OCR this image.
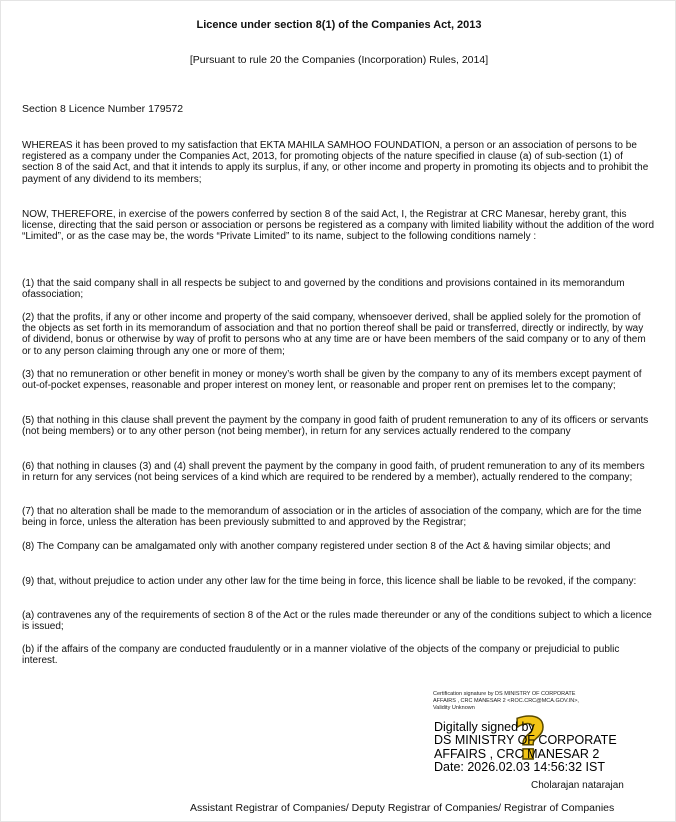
Licence under section 8(1) of the Companies Act, 2013
[Pursuant to rule 20 the Companies (Incorporation) Rules, 2014]
Section 8 Licence Number 179572

WHEREAS it has been proved to my satisfaction that EKTA MAHILA SAMHOO FOUNDATION, a person or an association of persons to be registered as a company under the Companies Act, 2013, for promoting objects of the nature specified in clause (a) of sub-section (1) of section 8 of the said Act, and that it intends to apply its surplus, if any, or other income and property in promoting its objects and to prohibit the payment of any dividend to its members;

NOW, THEREFORE, in exercise of the powers conferred by section 8 of the said Act, I, the Registrar at CRC Manesar, hereby grant, this license, directing that the said person or association or persons be registered as a company with limited liability without the addition of the word “Limited”, or as the case may be, the words “Private Limited” to its name, subject to the following conditions namely :

(1) that the said company shall in all respects be subject to and governed by the conditions and provisions contained in its memorandum ofassociation;

(2) that the profits, if any or other income and property of the said company, whensoever derived, shall be applied solely for the promotion of the objects as set forth in its memorandum of association and that no portion thereof shall be paid or transferred, directly or indirectly, by way of dividend, bonus or otherwise by way of profit to persons who at any time are or have been members of the said company or to any of them or to any person claiming through any one or more of them;

(3) that no remuneration or other benefit in money or money’s worth shall be given by the company to any of its members except payment of out-of-pocket expenses, reasonable and proper interest on money lent, or reasonable and proper rent on premises let to the company;

(5) that nothing in this clause shall prevent the payment by the company in good faith of prudent remuneration to any of its officers or servants (not being members) or to any other person (not being member), in return for any services actually rendered to the company

(6) that nothing in clauses (3) and (4) shall prevent the payment by the company in good faith, of prudent remuneration to any of its members in return for any services (not being services of a kind which are required to be rendered by a member), actually rendered to the company;

(7) that no alteration shall be made to the memorandum of association or in the articles of association of the company, which are for the time being in force, unless the alteration has been previously submitted to and approved by the Registrar;

(8) The Company can be amalgamated only with another company registered under section 8 of the Act & having similar objects; and

(9) that, without prejudice to action under any other law for the time being in force, this licence shall be liable to be revoked, if the company:

(a) contravenes any of the requirements of section 8 of the Act or the rules made thereunder or any of the conditions subject to which a licence is issued;

(b) if the affairs of the company are conducted fraudulently or in a manner violative of the objects of the company or prejudicial to public interest.

Certification signature by DS MINISTRY OF CORPORATE
AFFAIRS , CRC MANESAR 2 <ROC.CRC@MCA.GOV.IN>,
Validity Unknown ?
Digitally signed by
DS MINISTRY OF CORPORATE
AFFAIRS , CRC MANESAR 2
Date: 2026.02.03 14:56:32 IST
Cholarajan natarajan
Assistant Registrar of Companies/ Deputy Registrar of Companies/ Registrar of Companies
